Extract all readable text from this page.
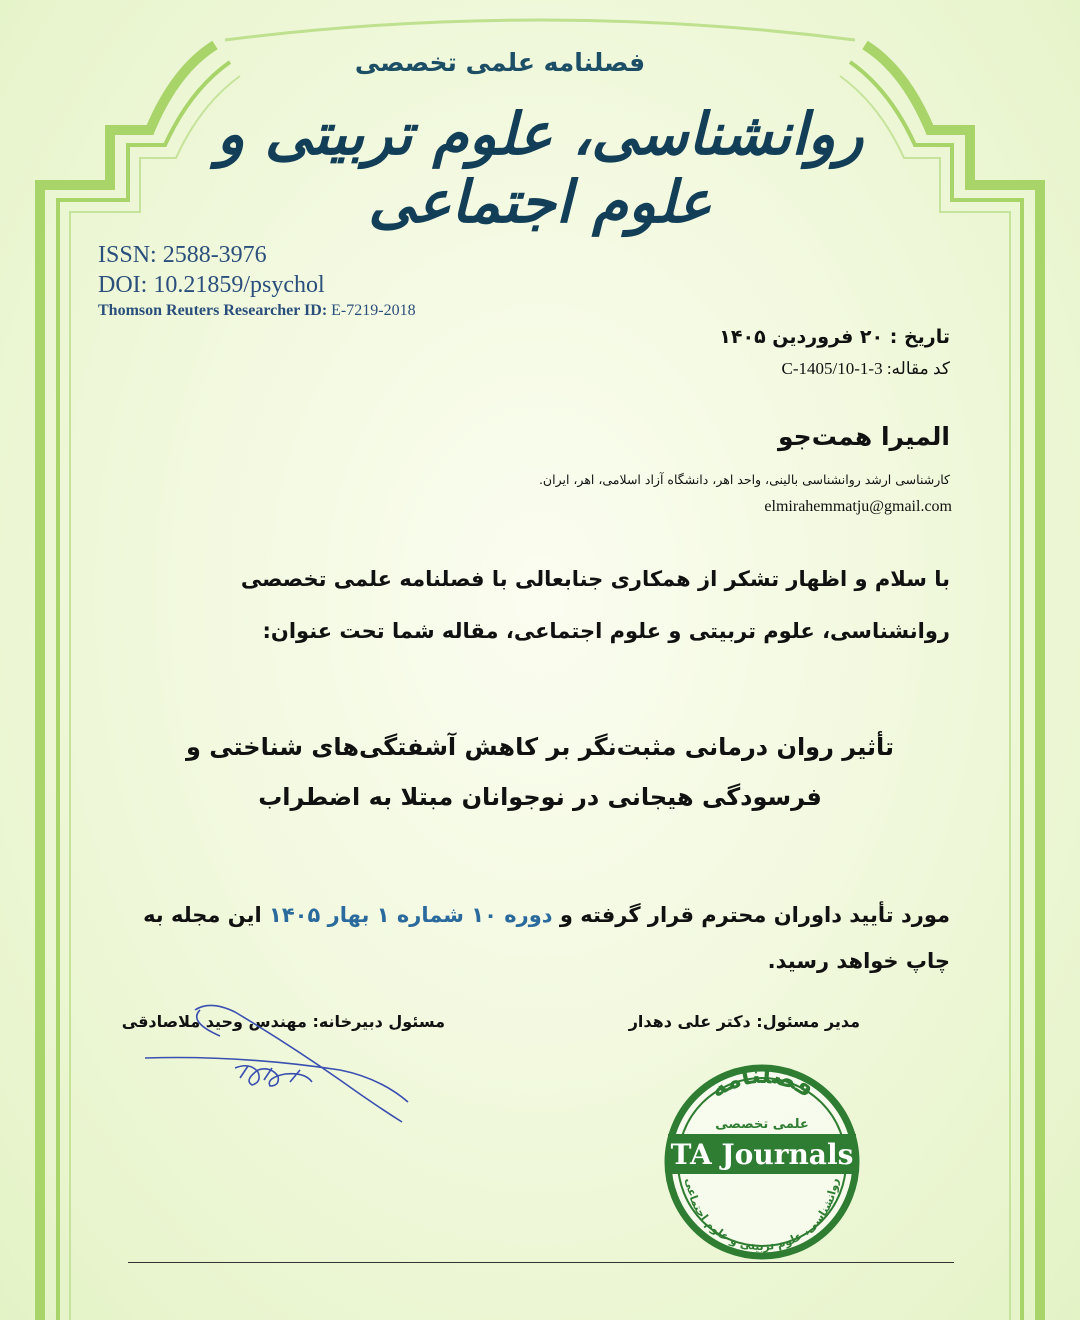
فصلنامه علمی تخصصی
روانشناسی، علوم تربیتی و علوم اجتماعی
ISSN: 2588-3976
DOI: 10.21859/psychol
Thomson Reuters Researcher ID: E-7219-2018
تاریخ : ۲۰ فروردین ۱۴۰۵
کد مقاله: C-1405/10-1-3
المیرا همت‌جو
کارشناسی ارشد روانشناسی بالینی، واحد اهر، دانشگاه آزاد اسلامی، اهر، ایران.
elmirahemmatju@gmail.com
با سلام و اظهار تشکر از همکاری جنابعالی با فصلنامه علمی تخصصی روانشناسی، علوم تربیتی و علوم اجتماعی، مقاله شما تحت عنوان:
تأثیر روان درمانی مثبت‌نگر بر کاهش آشفتگی‌های شناختی و فرسودگی هیجانی در نوجوانان مبتلا به اضطراب
مورد تأیید داوران محترم قرار گرفته و دوره ۱۰ شماره ۱ بهار ۱۴۰۵ این مجله به چاپ خواهد رسید.
مدیر مسئول: دکتر علی دهدار
مسئول دبیرخانه: مهندس وحید ملاصادقی
فصلنامه
علمی تخصصی
TA Journals
روانشناسی، علوم تربیتی و علوم اجتماعی
